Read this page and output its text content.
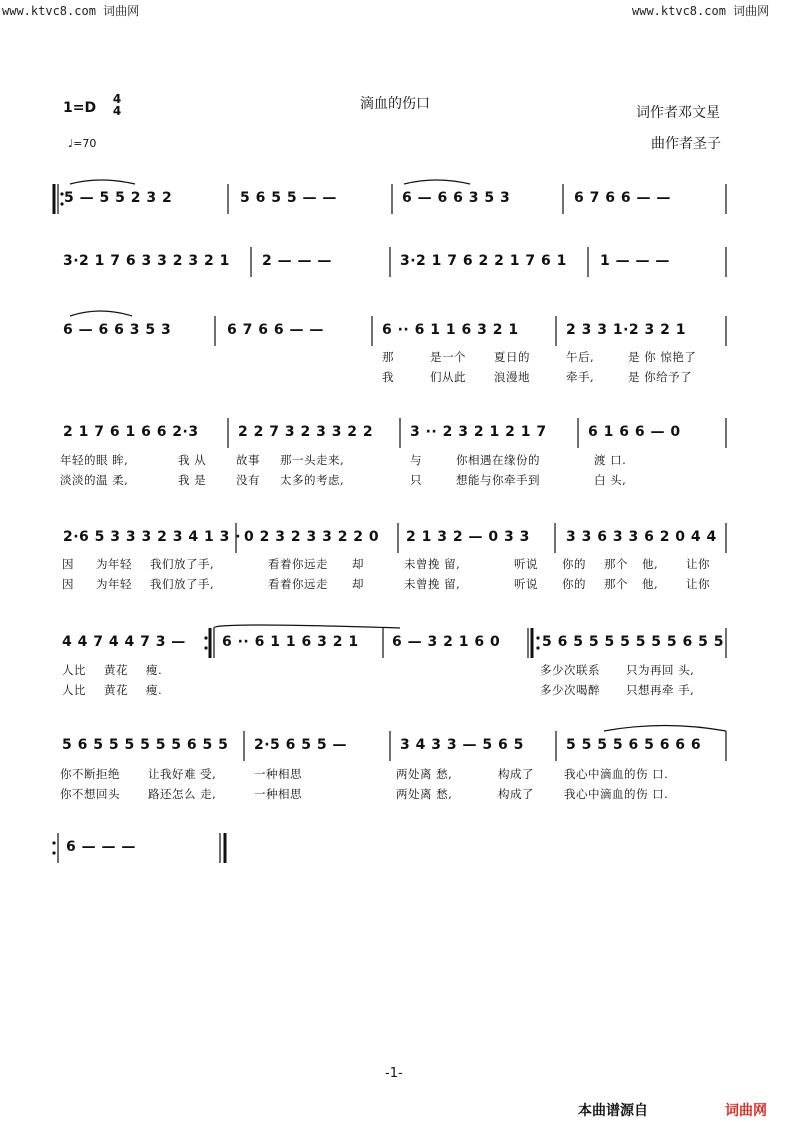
www.ktvc8.com 词曲网	www.ktvc8.com 词曲网
1=D
4
4
♩=70
滴血的伤口
词作者邓文星
曲作者圣子
5 — 5 5 2 3 2	5 6 5 5 — —	6 — 6 6 3 5 3	6 7 6 6 — —
3·2 1 7 6 3 3 2 3 2 1 2 — — —	3·2 1 7 6 2 2 1 7 6 1 1 — — —
6 — 6 6 3 5 3	6 7 6 6 — —	6 ·· 6 1 1 6 3 2 1	2 3 3 1·2 3 2 1
那	是一个 夏日的	午后,	是 你 惊艳了
我	们从此 浪漫地	牵手,	是 你给予了
2 1 7 6 1 6 6 2·3	2 2 7 3 2 3 3 2 2	3 ·· 2 3 2 1 2 1 7	6 1 6 6 — 0
年轻的眼 眸,	我 从	故事 那一头走来,	与	你相遇在缘份的	渡 口.
淡淡的温 柔,	我 是	没有 太多的考虑,	只	想能与你牵手到	白 头,
2·6 5 3 3 3 2 3 4 1 3 · 0 2 3 2 3 3 2 2 0 2 1 3 2 — 0 3 3	3 3 6 3 3 6 2 0 4 4
因 为年轻 我们放了手,	看着你远走 却	未曾挽 留,	听说 你的 那个 他, 让你
因 为年轻 我们放了手,	看着你远走 却	未曾挽 留,	听说 你的 那个 他, 让你
4 4 7 4 4 7 3 —	6 ·· 6 1 1 6 3 2 1 6 — 3 2 1 6 0	5 6 5 5 5 5 5 5 5 6 5 5
人比 黄花 瘦.	多少次联系 只为再回 头,
人比 黄花 瘦.	多少次喝醉 只想再牵 手,
5 6 5 5 5 5 5 5 6 5 5 2·5 6 5 5 —	3 4 3 3 — 5 6 5	5 5 5 5 6 5 6 6 6
你不断拒绝 让我好难 受,	一种相思	两处离 愁,	构成了	我心中滴血的伤 口.
你不想回头 路还怎么 走,	一种相思	两处离 愁,	构成了	我心中滴血的伤 口.
6 — — —
-1-
本曲谱源自	词曲网
